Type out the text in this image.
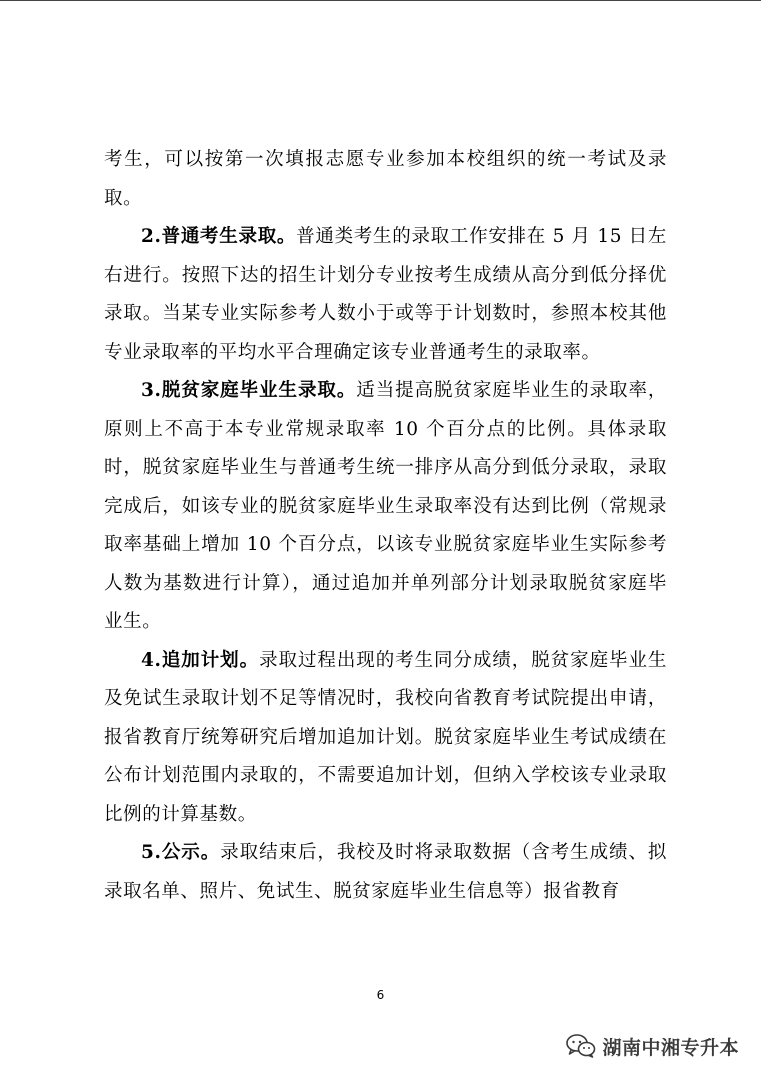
考生，可以按第一次填报志愿专业参加本校组织的统一考试及录取。

2.普通考生录取。普通类考生的录取工作安排在 5 月 15 日左右进行。按照下达的招生计划分专业按考生成绩从高分到低分择优录取。当某专业实际参考人数小于或等于计划数时，参照本校其他专业录取率的平均水平合理确定该专业普通考生的录取率。

3.脱贫家庭毕业生录取。适当提高脱贫家庭毕业生的录取率，原则上不高于本专业常规录取率 10 个百分点的比例。具体录取时，脱贫家庭毕业生与普通考生统一排序从高分到低分录取，录取完成后，如该专业的脱贫家庭毕业生录取率没有达到比例（常规录取率基础上增加 10 个百分点，以该专业脱贫家庭毕业生实际参考人数为基数进行计算），通过追加并单列部分计划录取脱贫家庭毕业生。

4.追加计划。录取过程出现的考生同分成绩，脱贫家庭毕业生及免试生录取计划不足等情况时，我校向省教育考试院提出申请，报省教育厅统筹研究后增加追加计划。脱贫家庭毕业生考试成绩在公布计划范围内录取的，不需要追加计划，但纳入学校该专业录取比例的计算基数。

5.公示。录取结束后，我校及时将录取数据（含考生成绩、拟录取名单、照片、免试生、脱贫家庭毕业生信息等）报省教育

6
湖南中湘专升本
